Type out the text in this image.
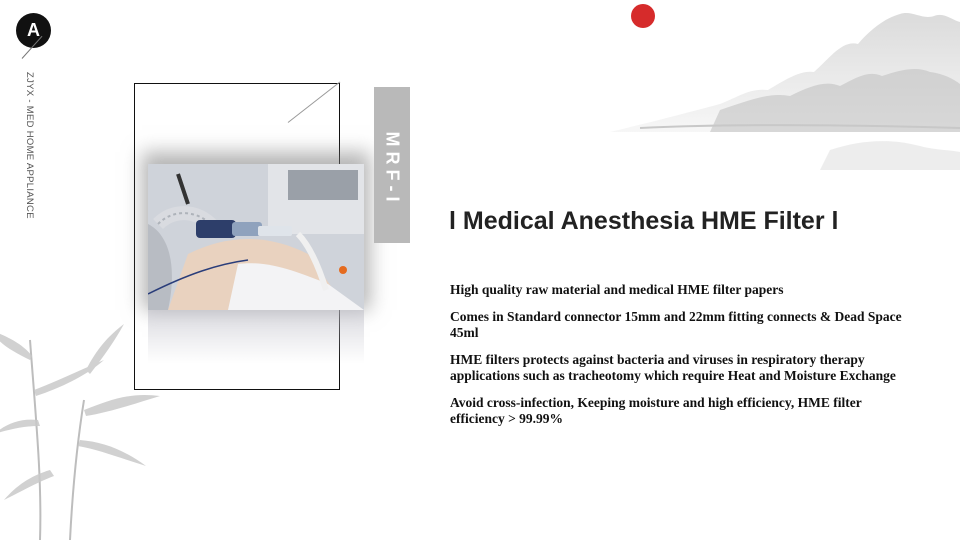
A
ZJYX - MED HOME APPLIANCE	MRF-I
l Medical Anesthesia HME Filter l

High quality raw material and medical HME filter papers

Comes in Standard connector 15mm and 22mm fitting connects & Dead Space 45ml

HME filters protects against bacteria and viruses in respiratory therapy applications such as tracheotomy which require Heat and Moisture Exchange

Avoid cross-infection, Keeping moisture and high efficiency, HME filter efficiency > 99.99%
